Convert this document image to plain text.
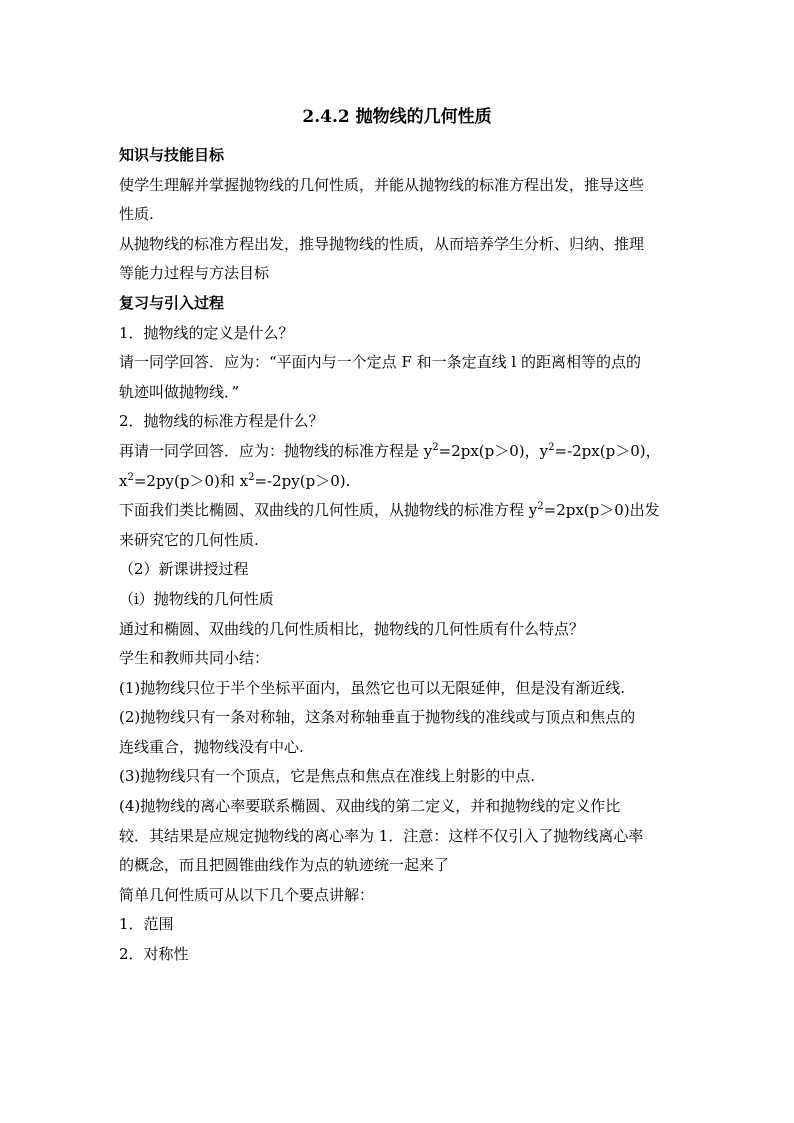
2.4.2 抛物线的几何性质
知识与技能目标
使学生理解并掌握抛物线的几何性质，并能从抛物线的标准方程出发，推导这些
性质.
从抛物线的标准方程出发，推导抛物线的性质，从而培养学生分析、归纳、推理
等能力过程与方法目标
复习与引入过程
1．抛物线的定义是什么？
请一同学回答．应为：“平面内与一个定点 F 和一条定直线 l 的距离相等的点的
轨迹叫做抛物线．”
2．抛物线的标准方程是什么？
再请一同学回答．应为：抛物线的标准方程是 $y^2=2px(p>0)$，$y^2=-2px(p>0)$，
$x^2=2py(p>0)$和 $x^2=-2py(p>0)$.
下面我们类比椭圆、双曲线的几何性质，从抛物线的标准方程 $y^2=2px(p>0)$出发
来研究它的几何性质.
（2）新课讲授过程
（i）抛物线的几何性质
通过和椭圆、双曲线的几何性质相比，抛物线的几何性质有什么特点？
学生和教师共同小结：
(1)抛物线只位于半个坐标平面内，虽然它也可以无限延伸，但是没有渐近线.
(2)抛物线只有一条对称轴，这条对称轴垂直于抛物线的准线或与顶点和焦点的
连线重合，抛物线没有中心.
(3)抛物线只有一个顶点，它是焦点和焦点在准线上射影的中点.
(4)抛物线的离心率要联系椭圆、双曲线的第二定义，并和抛物线的定义作比
较．其结果是应规定抛物线的离心率为 1．注意：这样不仅引入了抛物线离心率
的概念，而且把圆锥曲线作为点的轨迹统一起来了
简单几何性质可从以下几个要点讲解：
1．范围
2．对称性
